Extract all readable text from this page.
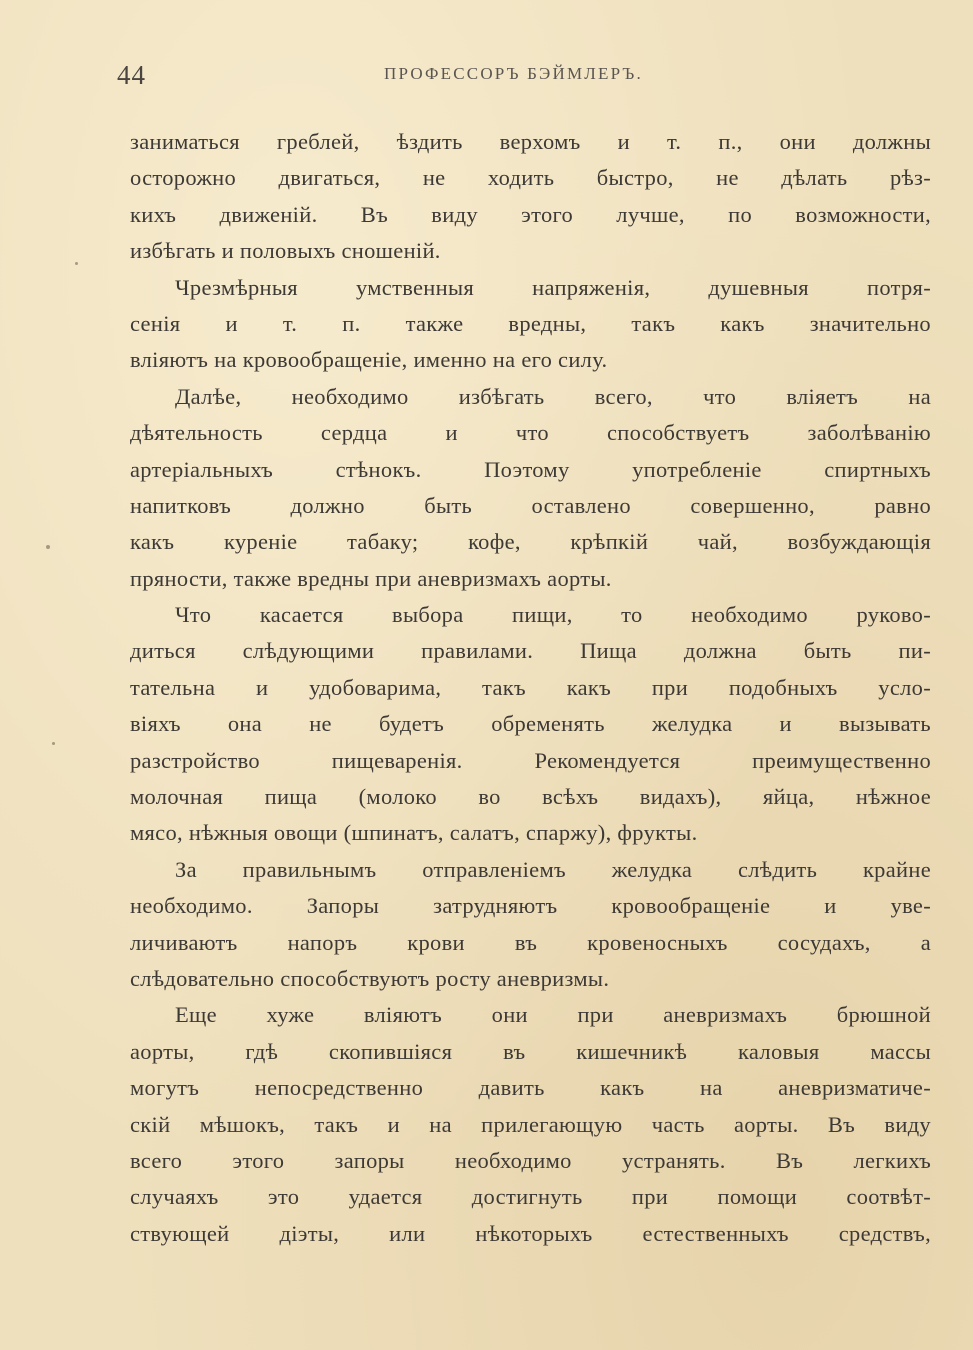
44	ПРОФЕССОРЪ БЭЙМЛЕРЪ.
заниматься греблей, ѣздить верхомъ и т. п., они должны
осторожно двигаться, не ходить быстро, не дѣлать рѣз-
кихъ движеній. Въ виду этого лучше, по возможности,
избѣгать и половыхъ сношеній.
Чрезмѣрныя умственныя напряженія, душевныя потря-
сенія и т. п. также вредны, такъ какъ значительно
вліяютъ на кровообращеніе, именно на его силу.
Далѣе, необходимо избѣгать всего, что вліяетъ на
дѣятельность сердца и что способствуетъ заболѣванію
артеріальныхъ стѣнокъ. Поэтому употребленіе спиртныхъ
напитковъ должно быть оставлено совершенно, равно
какъ куреніе табаку; кофе, крѣпкій чай, возбуждающія
пряности, также вредны при аневризмахъ аорты.
Что касается выбора пищи, то необходимо руково-
диться слѣдующими правилами. Пища должна быть пи-
тательна и удобоварима, такъ какъ при подобныхъ усло-
віяхъ она не будетъ обременять желудка и вызывать
разстройство пищеваренія. Рекомендуется преимущественно
молочная пища (молоко во всѣхъ видахъ), яйца, нѣжное
мясо, нѣжныя овощи (шпинатъ, салатъ, спаржу), фрукты.
За правильнымъ отправленіемъ желудка слѣдить крайне
необходимо. Запоры затрудняютъ кровообращеніе и уве-
личиваютъ напоръ крови въ кровеносныхъ сосудахъ, а
слѣдовательно способствуютъ росту аневризмы.
Еще хуже вліяютъ они при аневризмахъ брюшной
аорты, гдѣ скопившіяся въ кишечникѣ каловыя массы
могутъ непосредственно давить какъ на аневризматиче-
скій мѣшокъ, такъ и на прилегающую часть аорты. Въ виду
всего этого запоры необходимо устранять. Въ легкихъ
случаяхъ это удается достигнуть при помощи соотвѣт-
ствующей діэты, или нѣкоторыхъ естественныхъ средствъ,
